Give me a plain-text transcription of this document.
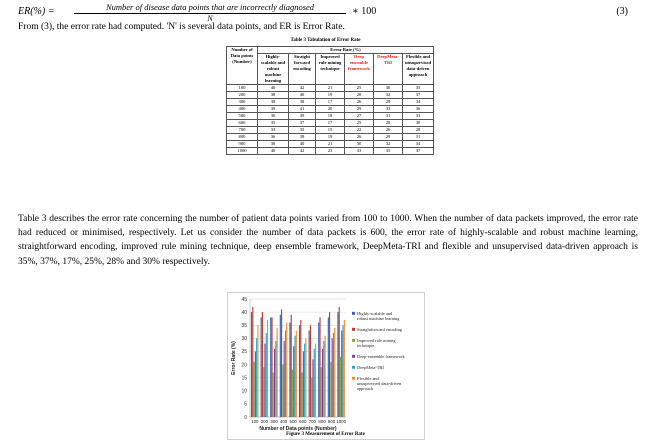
ER(%) =	Number of disease data points that are incorrectly diagnosed
N
∗ 100	(3)
From (3), the error rate had computed. 'N' is several data points, and ER is Error Rate.
Table 3 Tabulation of Error Rate
Number of Data points (Number)	Error Rate (%)					
	Highly-scalable and robust machine learning	Straight forward encoding	Improved rule mining technique	Deep ensemble framework	DeepMeta-TRI	Flexible and unsupervised data-driven approach
100	40	42	21	25	30	35
200	38	40	19	28	32	37
300	38	38	17	26	29	34
400	39	41	20	29	33	36
500	36	39	18	27	31	33
600	35	37	17	25	28	30
700	33	35	15	22	26	28
800	36	38	19	26	29	31
900	38	40	21	30	32	34
1000	40	42	23	33	35	37
Table 3 describes the error rate concerning the number of patient data points varied from 100 to 1000. When the number of data packets improved, the error rate had reduced or minimised, respectively. Let us consider the number of data packets is 600, the error rate of highly-scalable and robust machine learning, straightforward encoding, improved rule mining technique, deep ensemble framework, DeepMeta-TRI and flexible and unsupervised data-driven approach is 35%, 37%, 17%, 25%, 28% and 30% respectively.
0
5
10
15
20
25
30
35
40
45
100 200 300 400 500 600 700 800 900 1000
Number of Data points (Number)
Error Rate (%)
Highly-scalable and robust machine learning
Straightforward encoding
Improved rule mining technique
Deep-ensemble framework
DeepMeta-TRI
Flexible and unsupervised data-driven approach
Figure 3 Measurement of Error Rate
